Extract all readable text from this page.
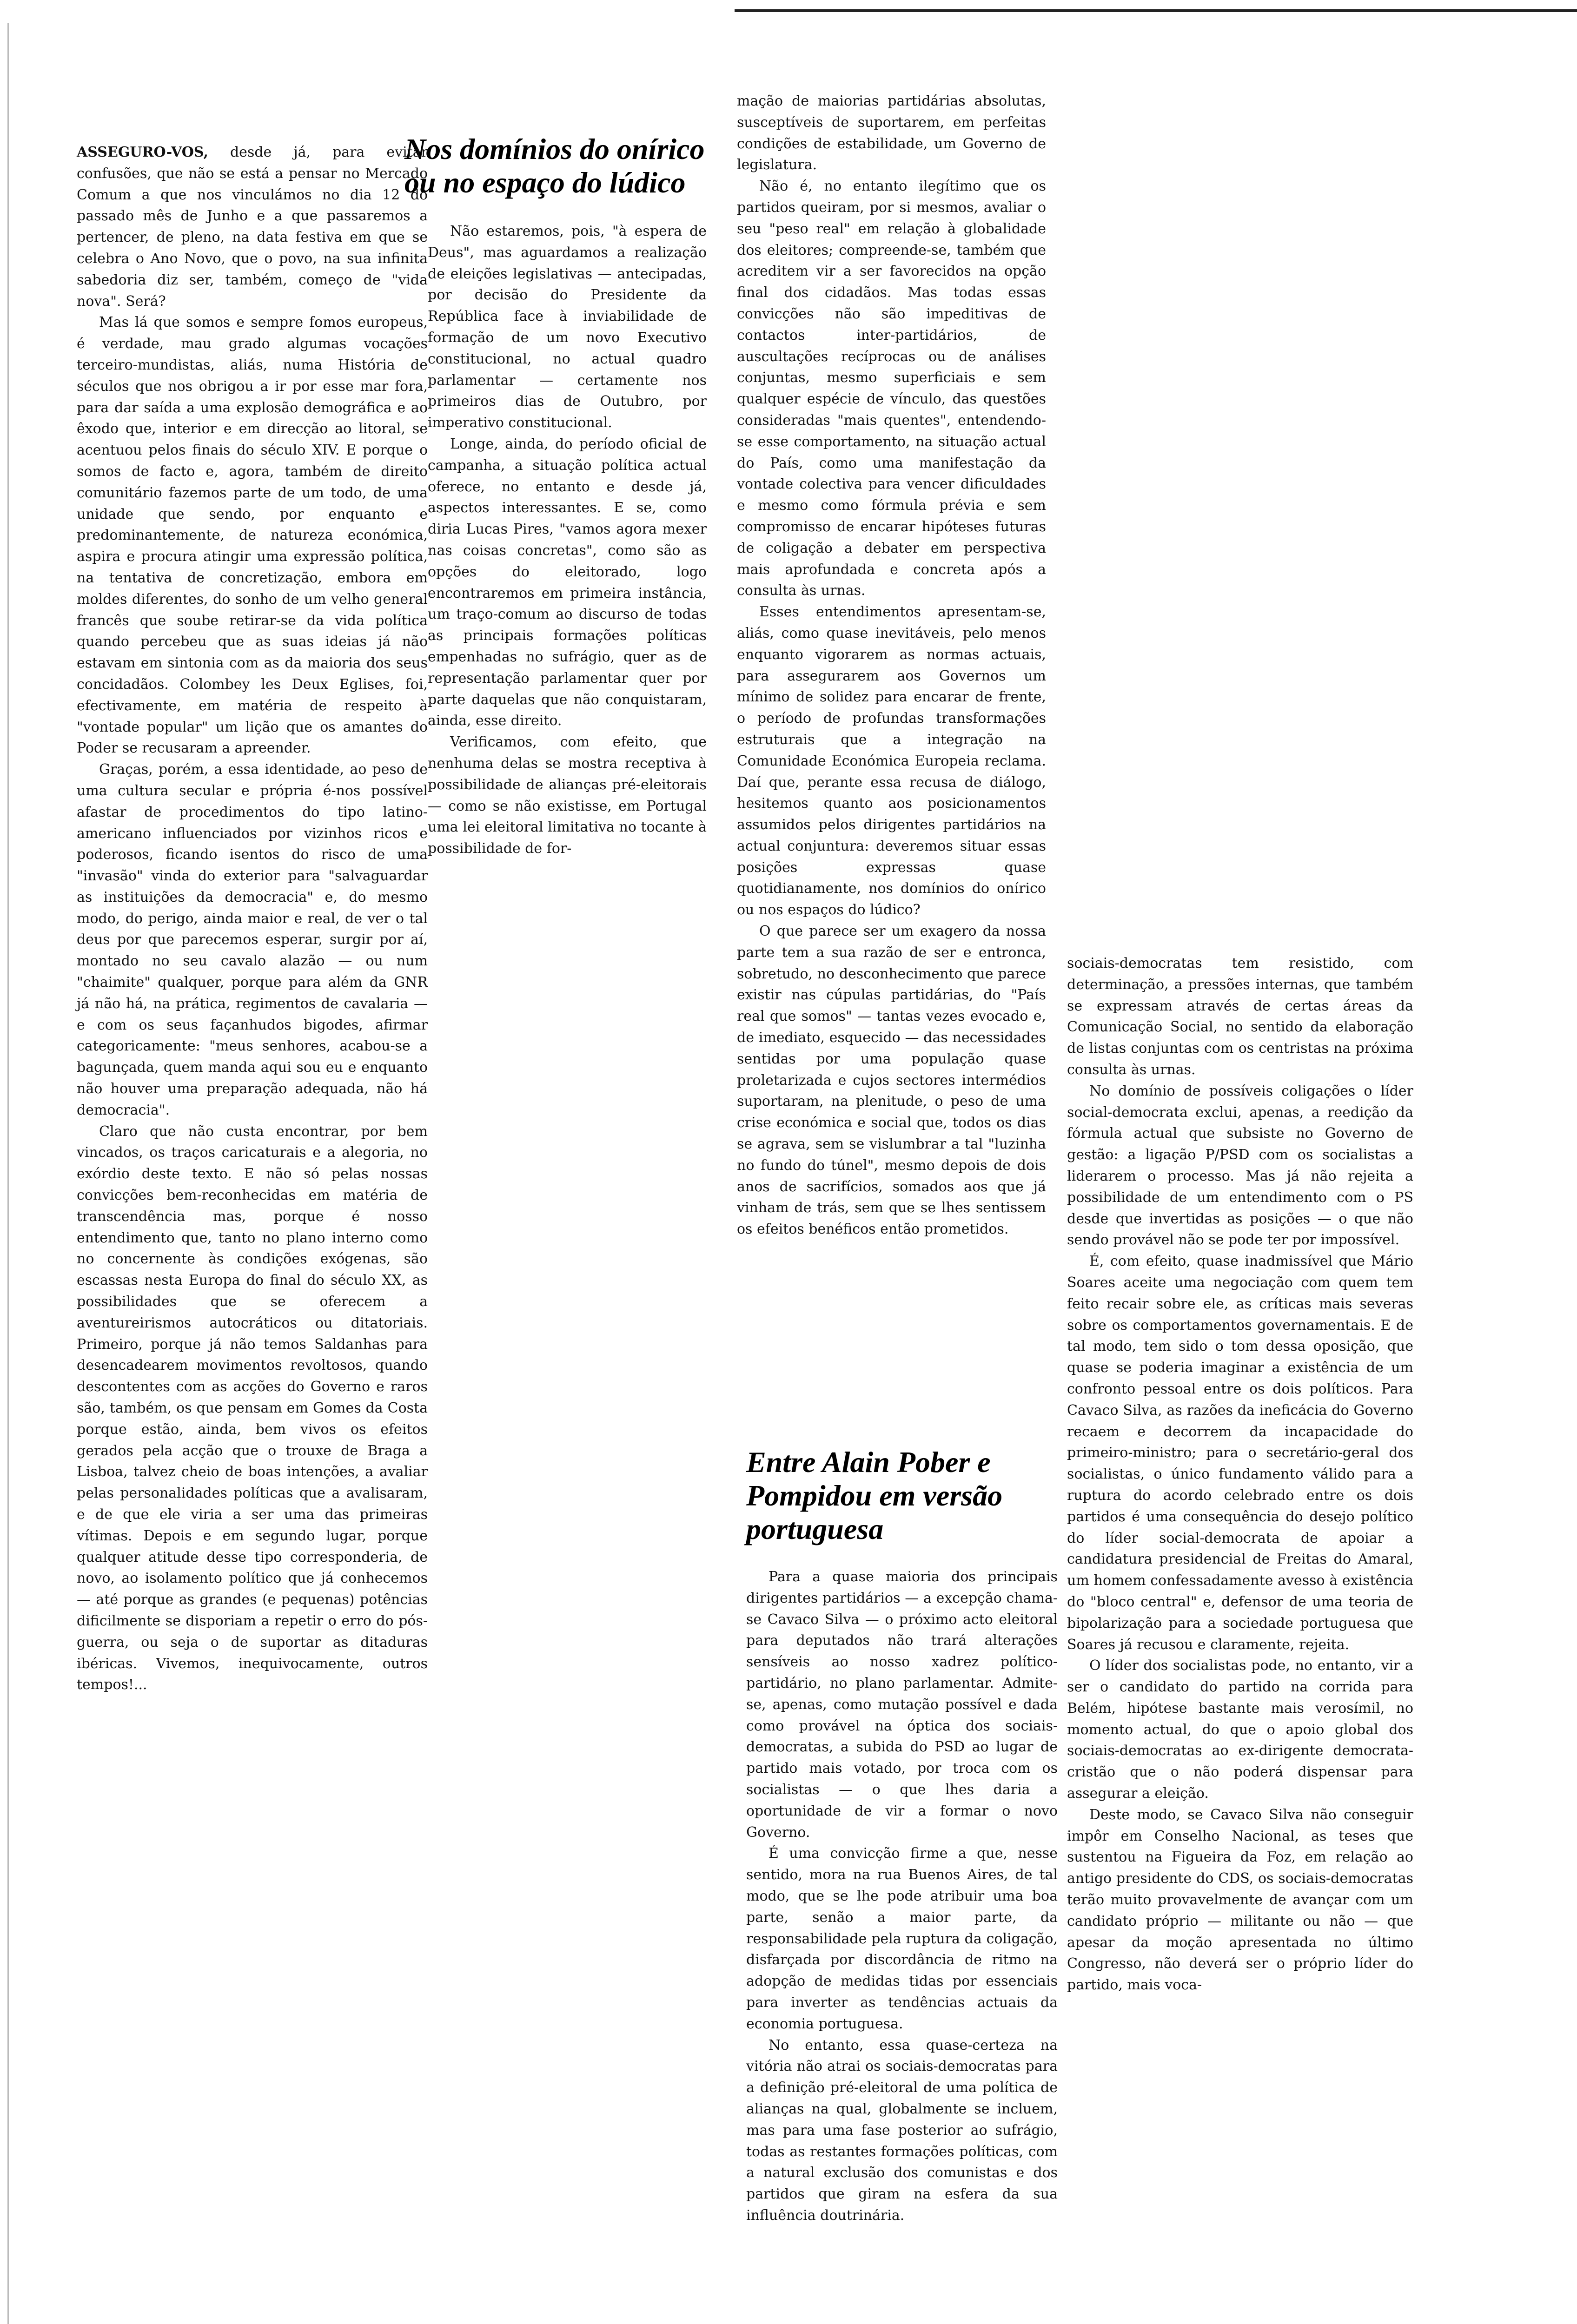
Nos domínios do onírico ou no espaço do lúdico
Entre Alain Pober e Pompidou em versão portuguesa

ASSEGURO-VOS, desde já, para evitar confusões, que não se está a pensar no Mercado Comum a que nos vinculámos no dia 12 do passado mês de Junho e a que passaremos a pertencer, de pleno, na data festiva em que se celebra o Ano Novo, que o povo, na sua infinita sabedoria diz ser, também, começo de "vida nova". Será?

Mas lá que somos e sempre fomos europeus, é verdade, mau grado algumas vocações terceiro-mundistas, aliás, numa História de séculos que nos obrigou a ir por esse mar fora, para dar saída a uma explosão demográfica e ao êxodo que, interior e em direcção ao litoral, se acentuou pelos finais do século XIV. E porque o somos de facto e, agora, também de direito comunitário fazemos parte de um todo, de uma unidade que sendo, por enquanto e predominantemente, de natureza económica, aspira e procura atingir uma expressão política, na tentativa de concretização, embora em moldes diferentes, do sonho de um velho general francês que soube retirar-se da vida política quando percebeu que as suas ideias já não estavam em sintonia com as da maioria dos seus concidadãos. Colombey les Deux Eglises, foi, efectivamente, em matéria de respeito à "vontade popular" um lição que os amantes do Poder se recusaram a apreender.

Graças, porém, a essa identidade, ao peso de uma cultura secular e própria é-nos possível afastar de procedimentos do tipo latino-americano influenciados por vizinhos ricos e poderosos, ficando isentos do risco de uma "invasão" vinda do exterior para "salvaguardar as instituições da democracia" e, do mesmo modo, do perigo, ainda maior e real, de ver o tal deus por que parecemos esperar, surgir por aí, montado no seu cavalo alazão — ou num "chaimite" qualquer, porque para além da GNR já não há, na prática, regimentos de cavalaria — e com os seus façanhudos bigodes, afirmar categoricamente: "meus senhores, acabou-se a bagunçada, quem manda aqui sou eu e enquanto não houver uma preparação adequada, não há democracia".

Claro que não custa encontrar, por bem vincados, os traços caricaturais e a alegoria, no exórdio deste texto. E não só pelas nossas convicções bem-reconhecidas em matéria de transcendência mas, porque é nosso entendimento que, tanto no plano interno como no concernente às condições exógenas, são escassas nesta Europa do final do século XX, as possibilidades que se oferecem a aventureirismos autocráticos ou ditatoriais. Primeiro, porque já não temos Saldanhas para desencadearem movimentos revoltosos, quando descontentes com as acções do Governo e raros são, também, os que pensam em Gomes da Costa porque estão, ainda, bem vivos os efeitos gerados pela acção que o trouxe de Braga a Lisboa, talvez cheio de boas intenções, a avaliar pelas personalidades políticas que a avalisaram, e de que ele viria a ser uma das primeiras vítimas. Depois e em segundo lugar, porque qualquer atitude desse tipo corresponderia, de novo, ao isolamento político que já conhecemos — até porque as grandes (e pequenas) potências dificilmente se disporiam a repetir o erro do pós-guerra, ou seja o de suportar as ditaduras ibéricas. Vivemos, inequivocamente, outros tempos!...

Não estaremos, pois, "à espera de Deus", mas aguardamos a realização de eleições legislativas — antecipadas, por decisão do Presidente da República face à inviabilidade de formação de um novo Executivo constitucional, no actual quadro parlamentar — certamente nos primeiros dias de Outubro, por imperativo constitucional.

Longe, ainda, do período oficial de campanha, a situação política actual oferece, no entanto e desde já, aspectos interessantes. E se, como diria Lucas Pires, "vamos agora mexer nas coisas concretas", como são as opções do eleitorado, logo encontraremos em primeira instância, um traço-comum ao discurso de todas as principais formações políticas empenhadas no sufrágio, quer as de representação parlamentar quer por parte daquelas que não conquistaram, ainda, esse direito.

Verificamos, com efeito, que nenhuma delas se mostra receptiva à possibilidade de alianças pré-eleitorais — como se não existisse, em Portugal uma lei eleitoral limitativa no tocante à possibilidade de for-

mação de maiorias partidárias absolutas, susceptíveis de suportarem, em perfeitas condições de estabilidade, um Governo de legislatura.

Não é, no entanto ilegítimo que os partidos queiram, por si mesmos, avaliar o seu "peso real" em relação à globalidade dos eleitores; compreende-se, também que acreditem vir a ser favorecidos na opção final dos cidadãos. Mas todas essas convicções não são impeditivas de contactos inter-partidários, de auscultações recíprocas ou de análises conjuntas, mesmo superficiais e sem qualquer espécie de vínculo, das questões consideradas "mais quentes", entendendo-se esse comportamento, na situação actual do País, como uma manifestação da vontade colectiva para vencer dificuldades e mesmo como fórmula prévia e sem compromisso de encarar hipóteses futuras de coligação a debater em perspectiva mais aprofundada e concreta após a consulta às urnas.

Esses entendimentos apresentam-se, aliás, como quase inevitáveis, pelo menos enquanto vigorarem as normas actuais, para assegurarem aos Governos um mínimo de solidez para encarar de frente, o período de profundas transformações estruturais que a integração na Comunidade Económica Europeia reclama. Daí que, perante essa recusa de diálogo, hesitemos quanto aos posicionamentos assumidos pelos dirigentes partidários na actual conjuntura: deveremos situar essas posições expressas quase quotidianamente, nos domínios do onírico ou nos espaços do lúdico?

O que parece ser um exagero da nossa parte tem a sua razão de ser e entronca, sobretudo, no desconhecimento que parece existir nas cúpulas partidárias, do "País real que somos" — tantas vezes evocado e, de imediato, esquecido — das necessidades sentidas por uma população quase proletarizada e cujos sectores intermédios suportaram, na plenitude, o peso de uma crise económica e social que, todos os dias se agrava, sem se vislumbrar a tal "luzinha no fundo do túnel", mesmo depois de dois anos de sacrifícios, somados aos que já vinham de trás, sem que se lhes sentissem os efeitos benéficos então prometidos.

Para a quase maioria dos principais dirigentes partidários — a excepção chama-se Cavaco Silva — o próximo acto eleitoral para deputados não trará alterações sensíveis ao nosso xadrez político-partidário, no plano parlamentar. Admite-se, apenas, como mutação possível e dada como provável na óptica dos sociais-democratas, a subida do PSD ao lugar de partido mais votado, por troca com os socialistas — o que lhes daria a oportunidade de vir a formar o novo Governo.

É uma convicção firme a que, nesse sentido, mora na rua Buenos Aires, de tal modo, que se lhe pode atribuir uma boa parte, senão a maior parte, da responsabilidade pela ruptura da coligação, disfarçada por discordância de ritmo na adopção de medidas tidas por essenciais para inverter as tendências actuais da economia portuguesa.

No entanto, essa quase-certeza na vitória não atrai os sociais-democratas para a definição pré-eleitoral de uma política de alianças na qual, globalmente se incluem, mas para uma fase posterior ao sufrágio, todas as restantes formações políticas, com a natural exclusão dos comunistas e dos partidos que giram na esfera da sua influência doutrinária.

sociais-democratas tem resistido, com determinação, a pressões internas, que também se expressam através de certas áreas da Comunicação Social, no sentido da elaboração de listas conjuntas com os centristas na próxima consulta às urnas.

No domínio de possíveis coligações o líder social-democrata exclui, apenas, a reedição da fórmula actual que subsiste no Governo de gestão: a ligação P/PSD com os socialistas a liderarem o processo. Mas já não rejeita a possibilidade de um entendimento com o PS desde que invertidas as posições — o que não sendo provável não se pode ter por impossível.

É, com efeito, quase inadmissível que Mário Soares aceite uma negociação com quem tem feito recair sobre ele, as críticas mais severas sobre os comportamentos governamentais. E de tal modo, tem sido o tom dessa oposição, que quase se poderia imaginar a existência de um confronto pessoal entre os dois políticos. Para Cavaco Silva, as razões da ineficácia do Governo recaem e decorrem da incapacidade do primeiro-ministro; para o secretário-geral dos socialistas, o único fundamento válido para a ruptura do acordo celebrado entre os dois partidos é uma consequência do desejo político do líder social-democrata de apoiar a candidatura presidencial de Freitas do Amaral, um homem confessadamente avesso à existência do "bloco central" e, defensor de uma teoria de bipolarização para a sociedade portuguesa que Soares já recusou e claramente, rejeita.

O líder dos socialistas pode, no entanto, vir a ser o candidato do partido na corrida para Belém, hipótese bastante mais verosímil, no momento actual, do que o apoio global dos sociais-democratas ao ex-dirigente democrata-cristão que o não poderá dispensar para assegurar a eleição.

Deste modo, se Cavaco Silva não conseguir impôr em Conselho Nacional, as teses que sustentou na Figueira da Foz, em relação ao antigo presidente do CDS, os sociais-democratas terão muito provavelmente de avançar com um candidato próprio — militante ou não — que apesar da moção apresentada no último Congresso, não deverá ser o próprio líder do partido, mais voca-
